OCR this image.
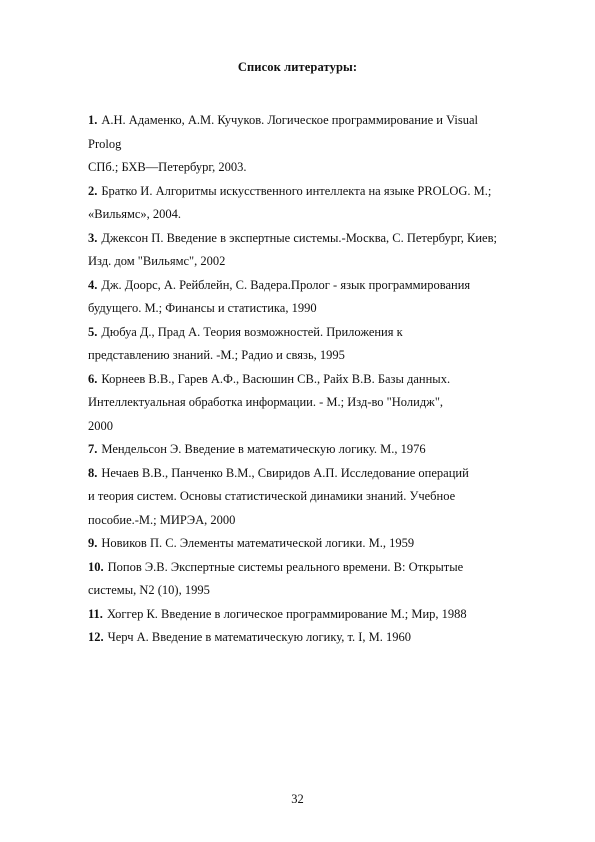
Список литературы:
1. А.Н. Адаменко, А.М. Кучуков. Логическое программирование и Visual
Prolog
СПб.; БХВ—Петербург, 2003.
2. Братко И. Алгоритмы искусственного интеллекта на языке PROLOG. М.;
«Вильямс», 2004.
3. Джексон П. Введение в экспертные системы.-Москва, С. Петербург, Киев;
Изд. дом "Вильямс", 2002
4. Дж. Доорс, А. Рейблейн, С. Вадера.Пролог - язык программирования
будущего. М.; Финансы и статистика, 1990
5. Дюбуа Д., Прад А. Теория возможностей. Приложения к
представлению знаний. -М.; Радио и связь, 1995
6. Корнеев В.В., Гарев А.Ф., Васюшин СВ., Райх В.В. Базы данных.
Интеллектуальная обработка информации. - М.; Изд-во "Нолидж",
2000
7. Мендельсон Э. Введение в математическую логику. М., 1976
8. Нечаев В.В., Панченко В.М., Свиридов А.П. Исследование операций
и теория систем. Основы статистической динамики знаний. Учебное
пособие.-М.; МИРЭА, 2000
9. Новиков П. С. Элементы математической логики. М., 1959
10. Попов Э.В. Экспертные системы реального времени. В: Открытые
системы, N2 (10), 1995
11. Хоггер К. Введение в логическое программирование М.; Мир, 1988
12. Черч А. Введение в математическую логику, т. I, М. 1960
32
